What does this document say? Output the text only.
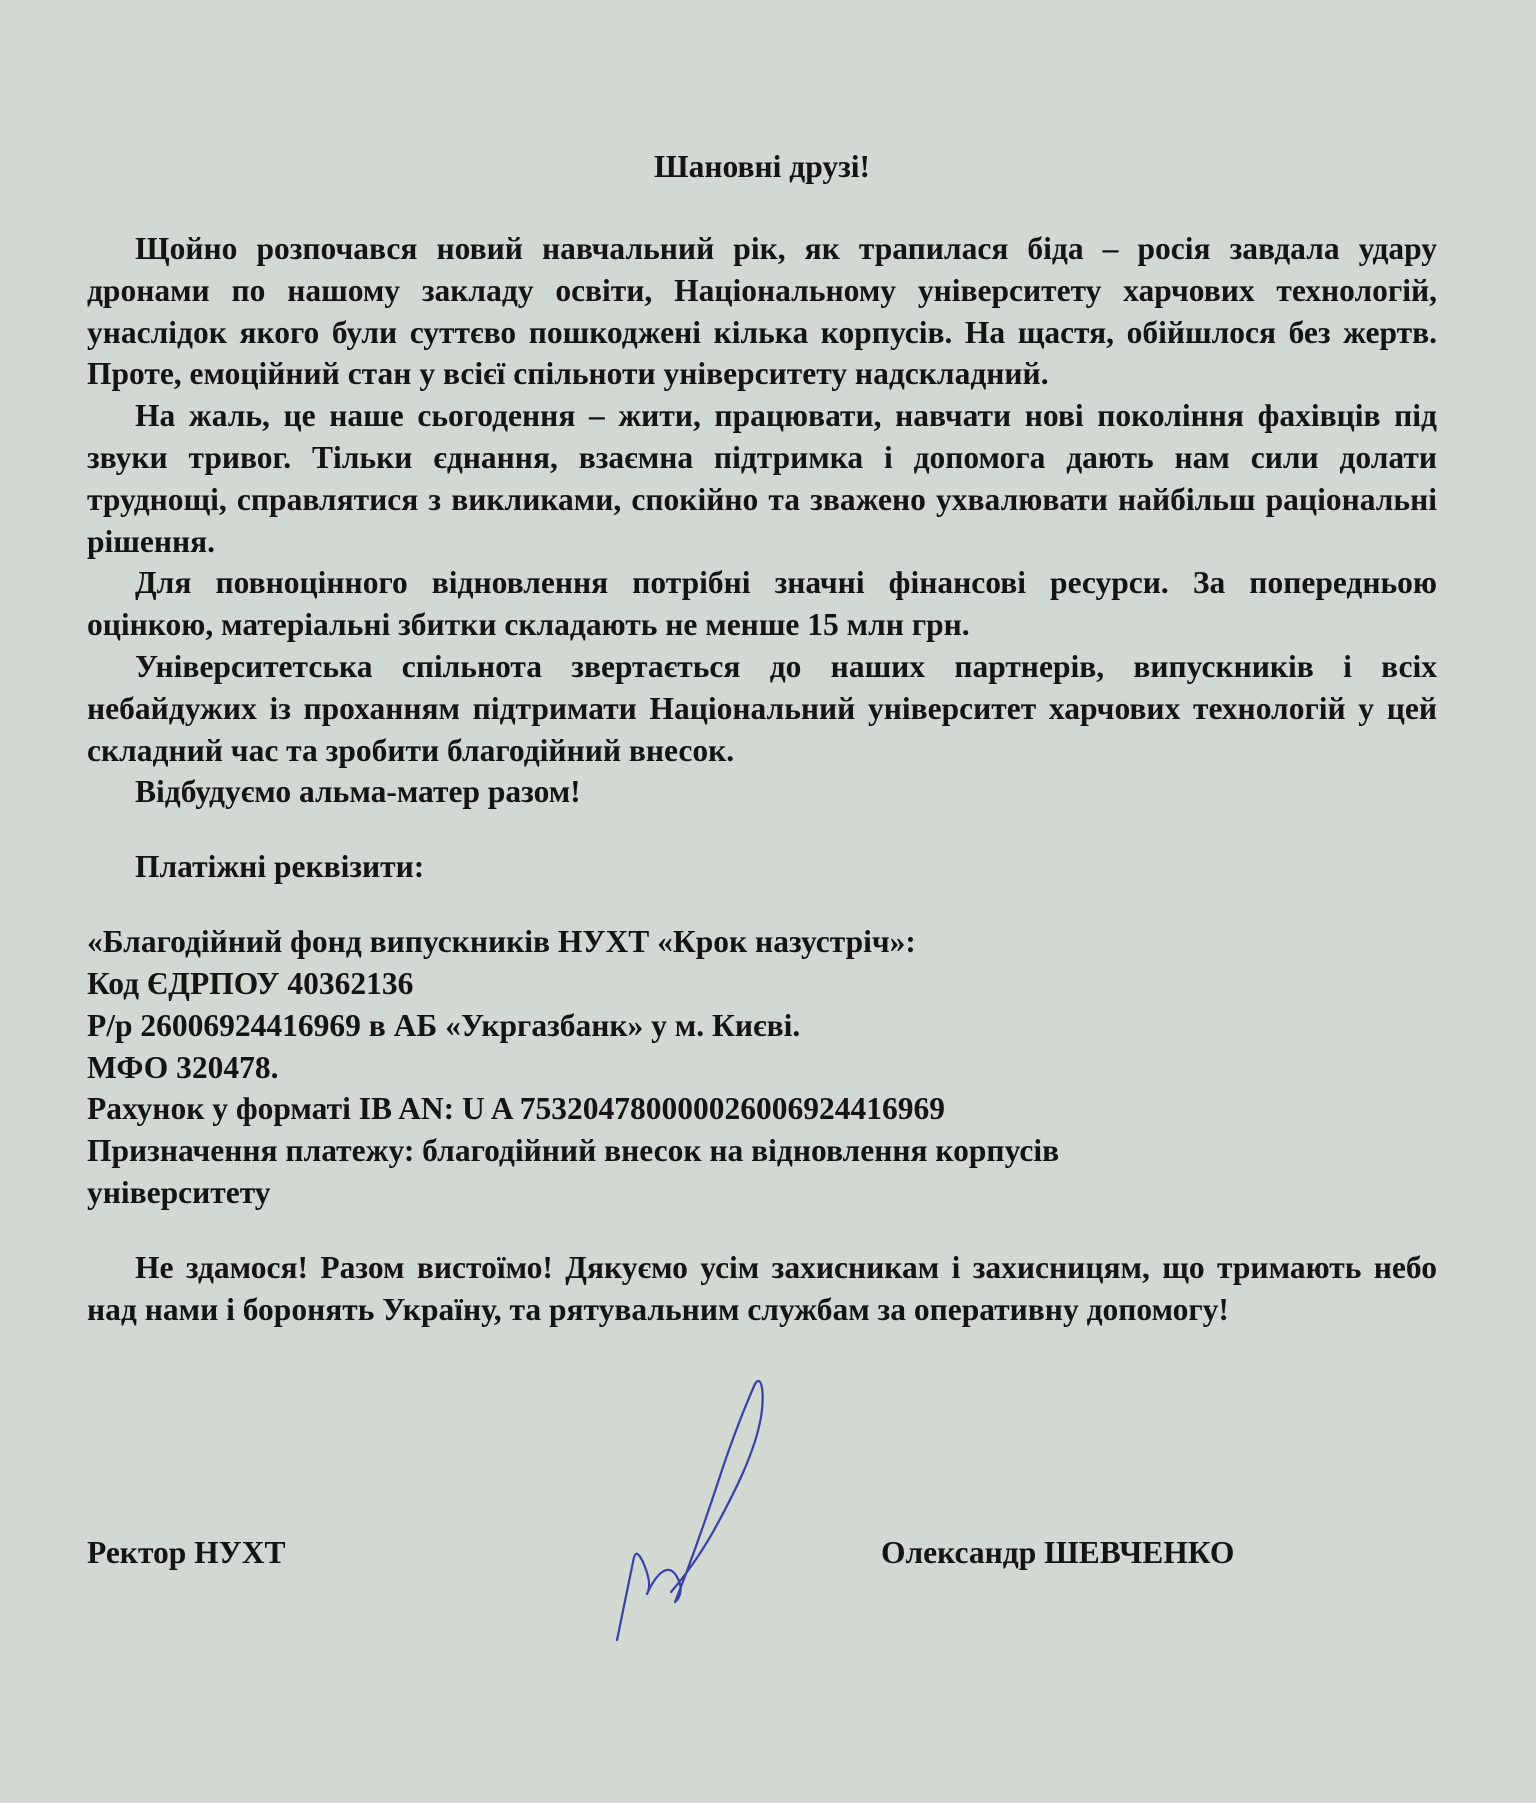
Шановні друзі!

Щойно розпочався новий навчальний рік, як трапилася біда – росія завдала удару дронами по нашому закладу освіти, Національному університету харчових технологій, унаслідок якого були суттєво пошкоджені кілька корпусів. На щастя, обійшлося без жертв. Проте, емоційний стан у всієї спільноти університету надскладний.

На жаль, це наше сьогодення – жити, працювати, навчати нові покоління фахівців під звуки тривог. Тільки єднання, взаємна підтримка і допомога дають нам сили долати труднощі, справлятися з викликами, спокійно та зважено ухвалювати найбільш раціональні рішення.

Для повноцінного відновлення потрібні значні фінансові ресурси. За попередньою оцінкою, матеріальні збитки складають не менше 15 млн грн.

Університетська спільнота звертається до наших партнерів, випускників і всіх небайдужих із проханням підтримати Національний університет харчових технологій у цей складний час та зробити благодійний внесок.

Відбудуємо альма-матер разом!

Платіжні реквізити:

«Благодійний фонд випускників НУХТ «Крок назустріч»:
Код ЄДРПОУ 40362136
Р/р 26006924416969 в АБ «Укргазбанк» у м. Києві.
МФО 320478.
Рахунок у форматі IB AN: U A 753204780000026006924416969
Призначення платежу: благодійний внесок на відновлення корпусів
університету

Не здамося! Разом вистоїмо! Дякуємо усім захисникам і захисницям, що тримають небо над нами і боронять Україну, та рятувальним службам за оперативну допомогу!

Ректор НУХТ	Олександр ШЕВЧЕНКО
